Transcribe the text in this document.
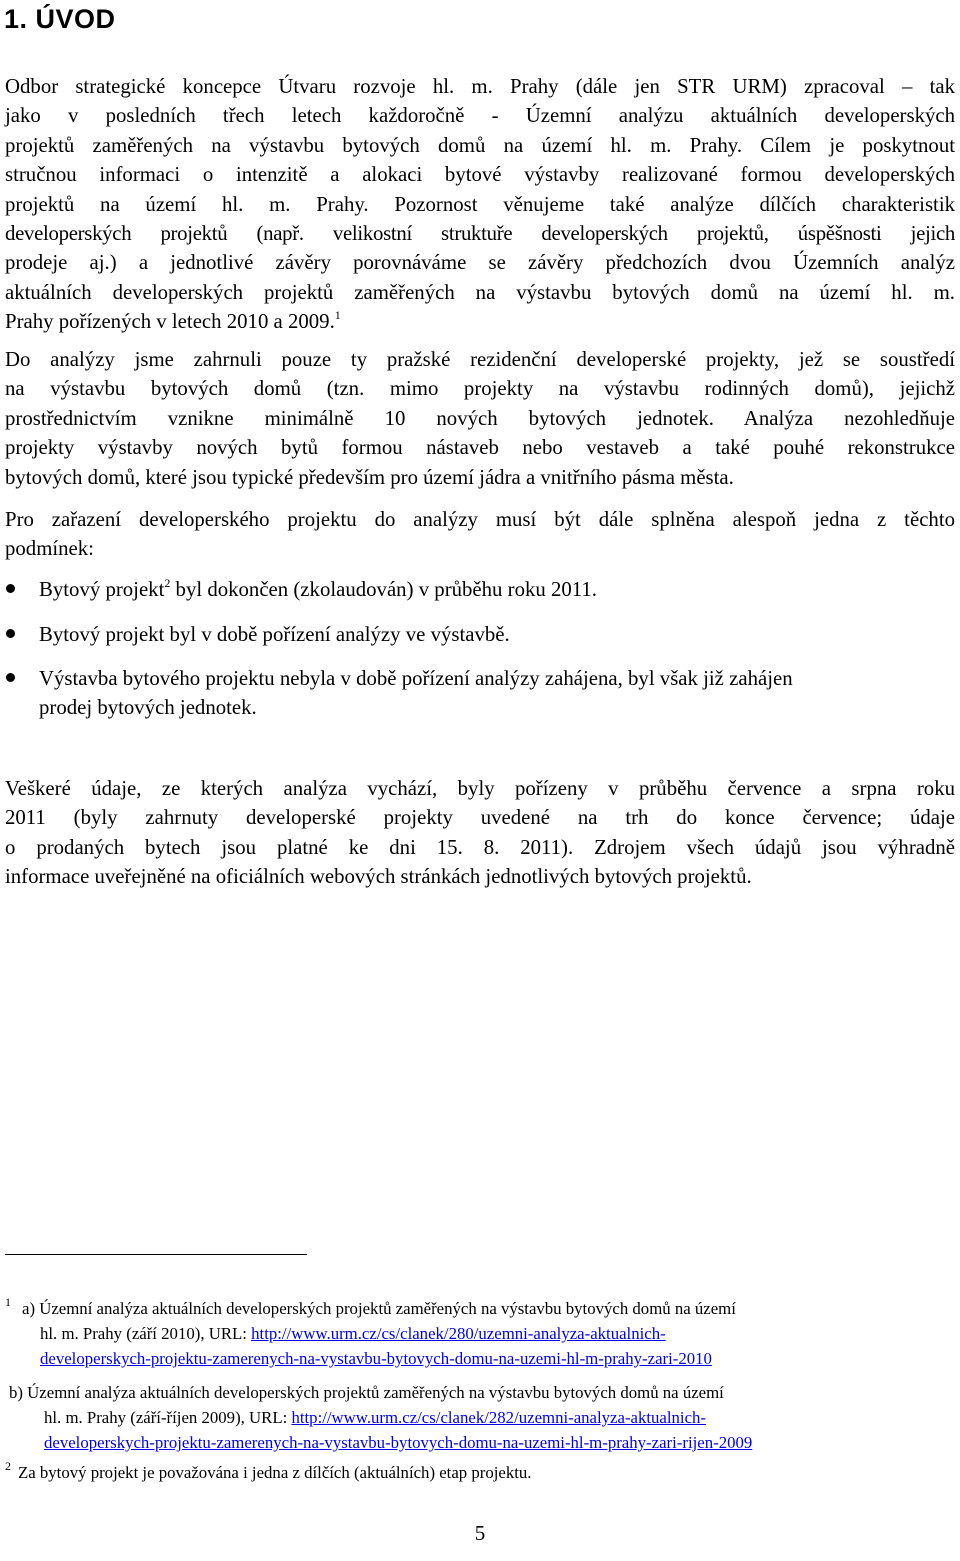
1. ÚVOD
Odbor strategické koncepce Útvaru rozvoje hl. m. Prahy (dále jen STR URM) zpracoval – tak
jako v posledních třech letech každoročně - Územní analýzu aktuálních developerských
projektů zaměřených na výstavbu bytových domů na území hl. m. Prahy. Cílem je poskytnout
stručnou informaci o intenzitě a alokaci bytové výstavby realizované formou developerských
projektů na území hl. m. Prahy. Pozornost věnujeme také analýze dílčích charakteristik
developerských projektů (např. velikostní struktuře developerských projektů, úspěšnosti jejich
prodeje aj.) a jednotlivé závěry porovnáváme se závěry předchozích dvou Územních analýz
aktuálních developerských projektů zaměřených na výstavbu bytových domů na území hl. m.
Prahy pořízených v letech 2010 a 2009.$^1$
Do analýzy jsme zahrnuli pouze ty pražské rezidenční developerské projekty, jež se soustředí
na výstavbu bytových domů (tzn. mimo projekty na výstavbu rodinných domů), jejichž
prostřednictvím vznikne minimálně 10 nových bytových jednotek. Analýza nezohledňuje
projekty výstavby nových bytů formou nástaveb nebo vestaveb a také pouhé rekonstrukce
bytových domů, které jsou typické především pro území jádra a vnitřního pásma města.
Pro zařazení developerského projektu do analýzy musí být dále splněna alespoň jedna z těchto
podmínek:
Bytový projekt$^2$ byl dokončen (zkolaudován) v průběhu roku 2011.
Bytový projekt byl v době pořízení analýzy ve výstavbě.
Výstavba bytového projektu nebyla v době pořízení analýzy zahájena, byl však již zahájen
prodej bytových jednotek.
Veškeré údaje, ze kterých analýza vychází, byly pořízeny v průběhu července a srpna roku
2011 (byly zahrnuty developerské projekty uvedené na trh do konce července; údaje
o prodaných bytech jsou platné ke dni 15. 8. 2011). Zdrojem všech údajů jsou výhradně
informace uveřejněné na oficiálních webových stránkách jednotlivých bytových projektů.
1 a) Územní analýza aktuálních developerských projektů zaměřených na výstavbu bytových domů na území
hl. m. Prahy (září 2010), URL: http://www.urm.cz/cs/clanek/280/uzemni-analyza-aktualnich-
developerskych-projektu-zamerenych-na-vystavbu-bytovych-domu-na-uzemi-hl-m-prahy-zari-2010
b) Územní analýza aktuálních developerských projektů zaměřených na výstavbu bytových domů na území
hl. m. Prahy (září-říjen 2009), URL: http://www.urm.cz/cs/clanek/282/uzemni-analyza-aktualnich-
developerskych-projektu-zamerenych-na-vystavbu-bytovych-domu-na-uzemi-hl-m-prahy-zari-rijen-2009
2 Za bytový projekt je považována i jedna z dílčích (aktuálních) etap projektu.
5
